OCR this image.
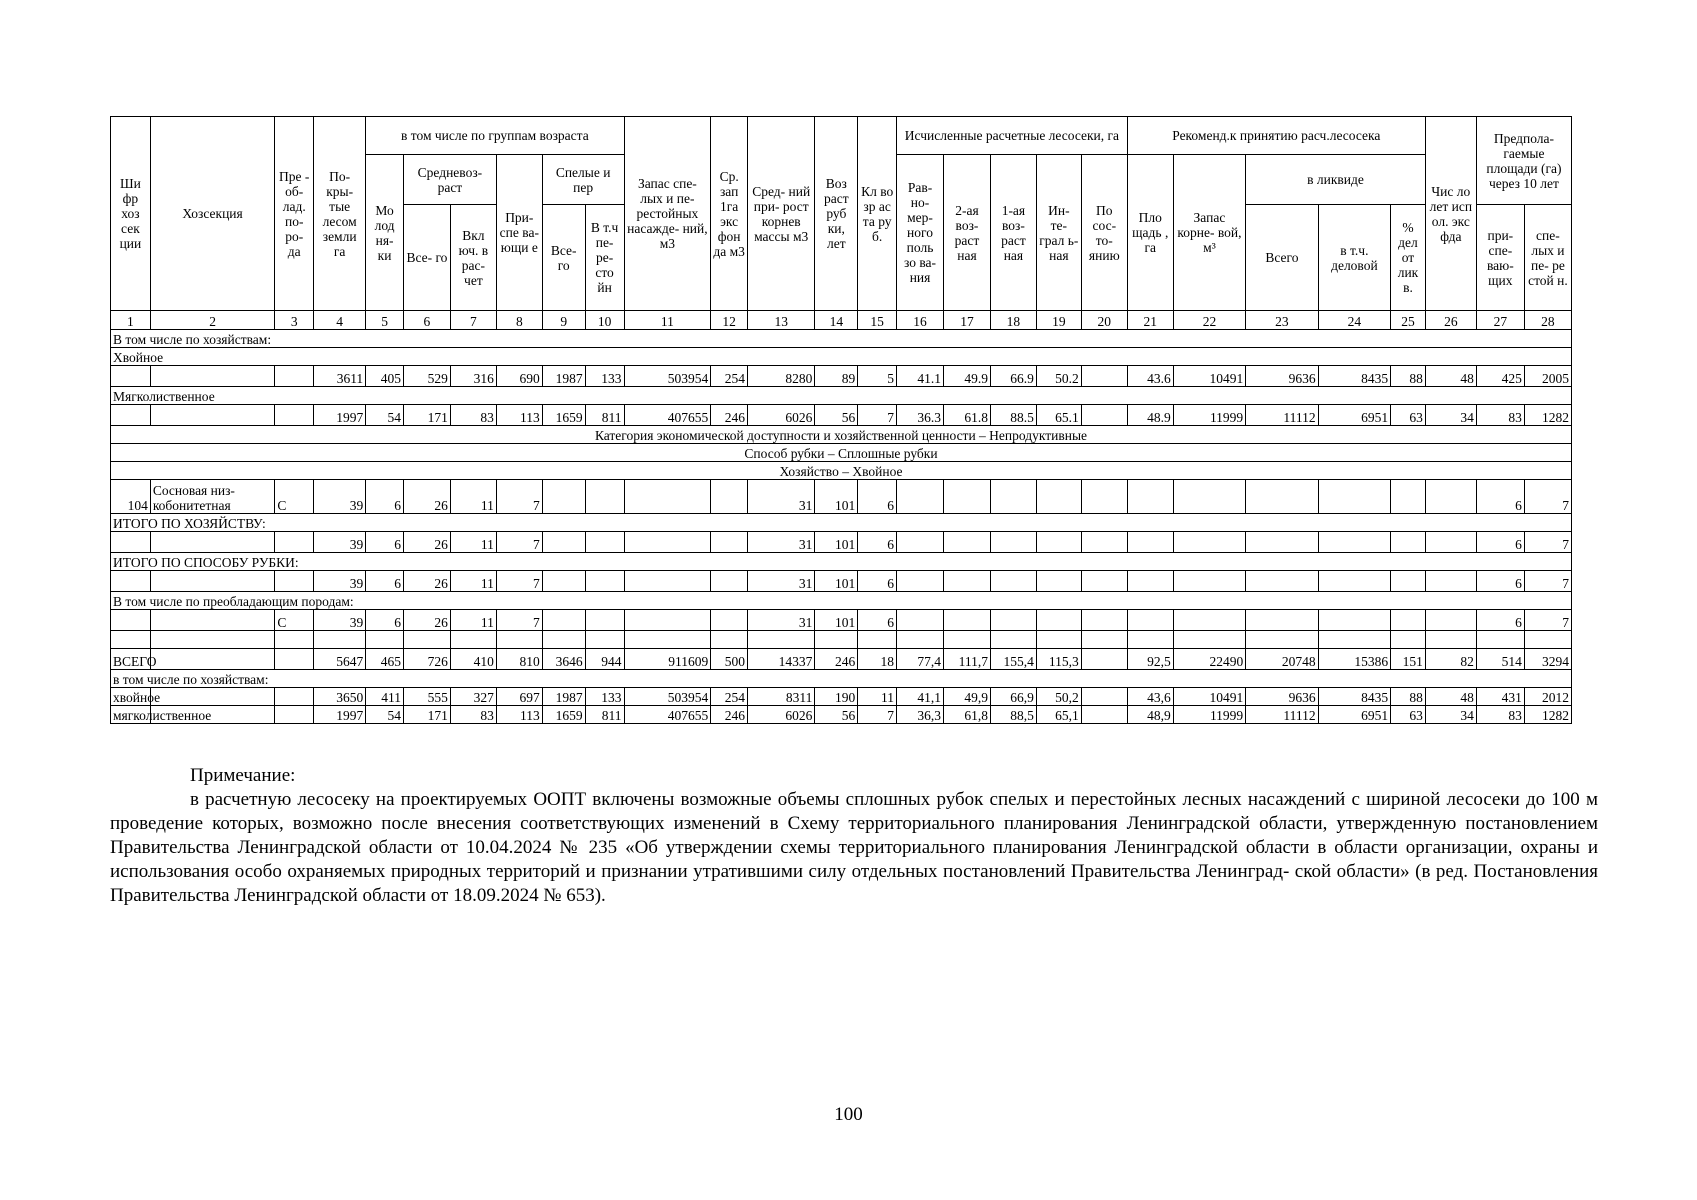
Ши фр хоз сек ции	Хозсекция	Пре - об- лад. по- ро- да	По- кры- тые лесом земли га	в том числе по группам возраста						Запас спе- лых и пе- рестойных насажде- ний, м3	Ср. зап 1га экс фон да м3	Сред- ний при- рост корнев массы м3	Воз раст руб ки, лет	Кл во зр ас та ру б.	Исчисленные расчетные лесосеки, га					Рекоменд.к принятию расч.лесосека					Чис ло лет исп ол. экс фда	Предпола- гаемые площади (га) через 10 лет	
				Мо лод ня- ки	Средневоз- раст		При- спе ва- ющи е	Спелые и пер							Рав- но- мер- ного поль зо ва- ния	2-ая воз- раст ная	1-ая воз- раст ная	Ин- те- грал ь- ная	По сос- то- янию	Пло щадь , га	Запас корне- вой, м³	в ликвиде					
					Все- го	Вкл юч. в рас- чет		Все- го	В т.ч пе- ре- сто йн													Всего	в т.ч. деловой	% дел от лик в.		при- спе- ваю- щих	спе- лых и пе- ре стой н.

1	2	3	4	5	6	7	8	9	10	11	12	13	14	15	16	17	18	19	20	21	22	23	24	25	26	27	28
В том числе по хозяйствам:																											
Хвойное																											
			3611	405	529	316	690	1987	133	503954	254	8280	89	5	41.1	49.9	66.9	50.2		43.6	10491	9636	8435	88	48	425	2005
Мягколиственное																											
			1997	54	171	83	113	1659	811	407655	246	6026	56	7	36.3	61.8	88.5	65.1		48.9	11999	11112	6951	63	34	83	1282
Категория экономической доступности и хозяйственной ценности – Непродуктивные																											
Способ рубки – Сплошные рубки																											
Хозяйство – Хвойное																											
104	Сосновая низ- кобонитетная	С	39	6	26	11	7					31	101	6												6	7
ИТОГО ПО ХОЗЯЙСТВУ:																											
			39	6	26	11	7					31	101	6												6	7
ИТОГО ПО СПОСОБУ РУБКИ:																											
			39	6	26	11	7					31	101	6												6	7
В том числе по преобладающим породам:																											
		С	39	6	26	11	7					31	101	6												6	7

ВСЕГО			5647	465	726	410	810	3646	944	911609	500	14337	246	18	77,4	111,7	155,4	115,3		92,5	22490	20748	15386	151	82	514	3294
в том числе по хозяйствам:																											
хвойное			3650	411	555	327	697	1987	133	503954	254	8311	190	11	41,1	49,9	66,9	50,2		43,6	10491	9636	8435	88	48	431	2012
мягколиственное			1997	54	171	83	113	1659	811	407655	246	6026	56	7	36,3	61,8	88,5	65,1		48,9	11999	11112	6951	63	34	83	1282
Примечание:

в расчетную лесосеку на проектируемых ООПТ включены возможные объемы сплошных рубок спелых и перестойных лесных насаждений с шириной лесосеки до 100 м проведение которых, возможно после внесения соответствующих изменений в Схему территориального планирования Ленинградской области, утвержденную постановлением Правительства Ленинградской области от 10.04.2024 № 235 «Об утверждении схемы территориального планирования Ленинградской области в области организации, охраны и использования особо охраняемых природных территорий и признании утратившими силу отдельных постановлений Правительства Ленинград- ской области» (в ред. Постановления Правительства Ленинградской области от 18.09.2024 № 653).

100
